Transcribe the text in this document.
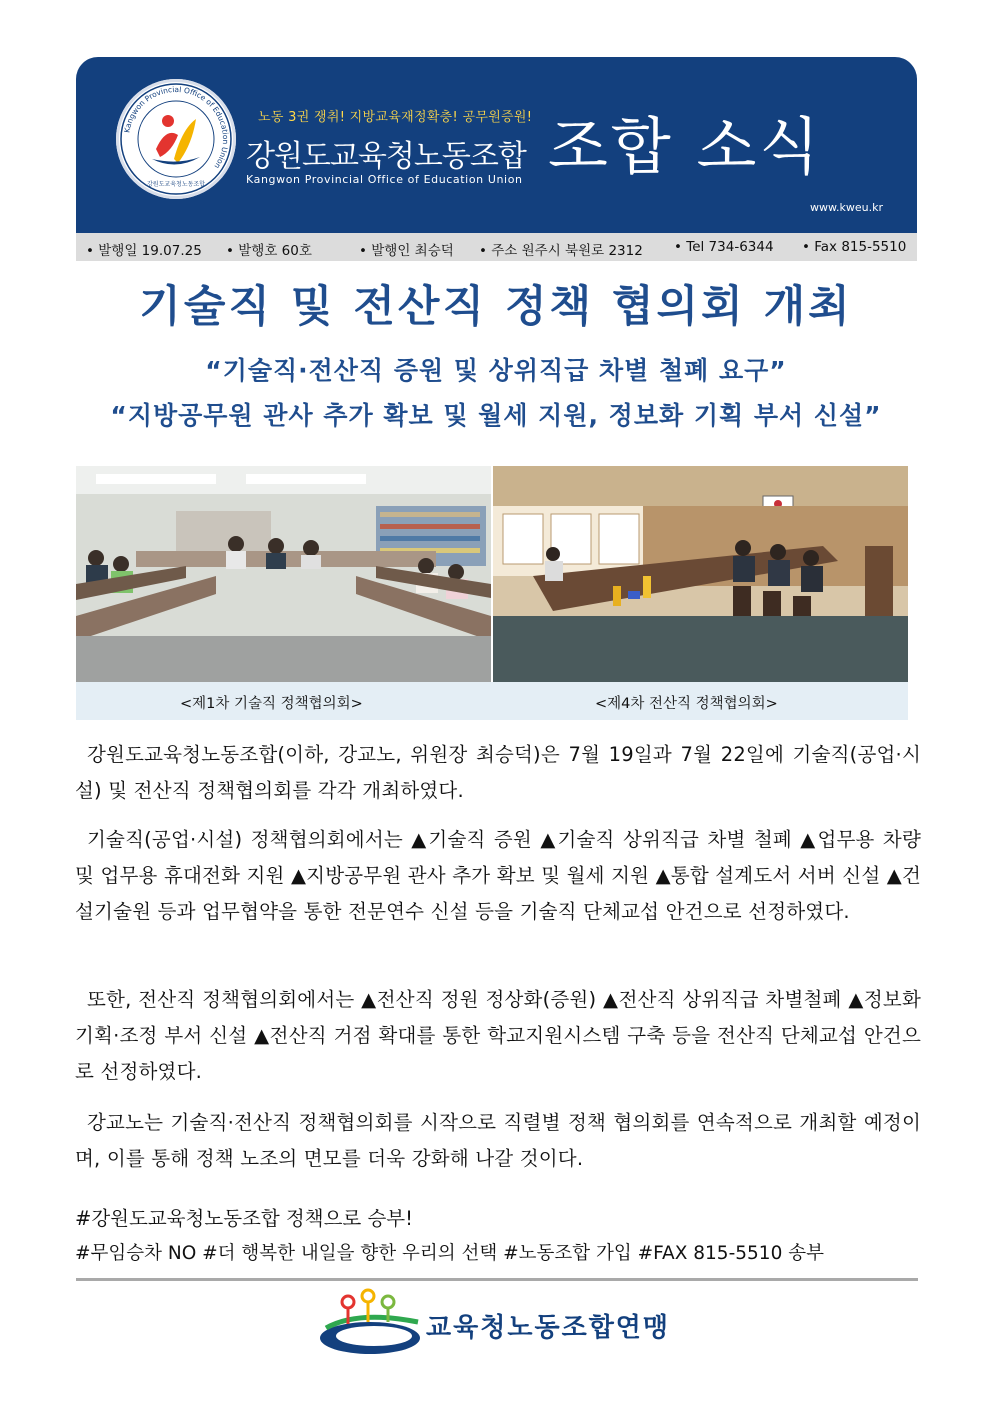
Kangwon Provincial Office of Education Union
강원도교육청노동조합
노동 3권 쟁취! 지방교육재정확충! 공무원증원!
강원도교육청노동조합
Kangwon Provincial Office of Education Union 조합 소식
www.kweu.kr
• 발행일 19.07.25 • 발행호 60호	• 발행인 최승덕 • 주소 원주시 북원로 2312 • Tel 734-6344 • Fax 815-5510
기술직 및 전산직 정책 협의회 개최
“기술직·전산직 증원 및 상위직급 차별 철폐 요구”
“지방공무원 관사 추가 확보 및 월세 지원, 정보화 기획 부서 신설”
<제1차 기술직 정책협의회>	<제4차 전산직 정책협의회>
강원도교육청노동조합(이하, 강교노, 위원장 최승덕)은 7월 19일과 7월 22일에 기술직(공업·시설) 및 전산직 정책협의회를 각각 개최하였다.
기술직(공업·시설) 정책협의회에서는 ▲기술직 증원 ▲기술직 상위직급 차별 철폐 ▲업무용 차량 및 업무용 휴대전화 지원 ▲지방공무원 관사 추가 확보 및 월세 지원 ▲통합 설계도서 서버 신설 ▲건설기술원 등과 업무협약을 통한 전문연수 신설 등을 기술직 단체교섭 안건으로 선정하였다.
또한, 전산직 정책협의회에서는 ▲전산직 정원 정상화(증원) ▲전산직 상위직급 차별철폐 ▲정보화 기획·조정 부서 신설 ▲전산직 거점 확대를 통한 학교지원시스템 구축 등을 전산직 단체교섭 안건으로 선정하였다.
강교노는 기술직·전산직 정책협의회를 시작으로 직렬별 정책 협의회를 연속적으로 개최할 예정이며, 이를 통해 정책 노조의 면모를 더욱 강화해 나갈 것이다.
#강원도교육청노동조합 정책으로 승부!
#무임승차 NO #더 행복한 내일을 향한 우리의 선택 #노동조합 가입 #FAX 815-5510 송부
교육청노동조합연맹
